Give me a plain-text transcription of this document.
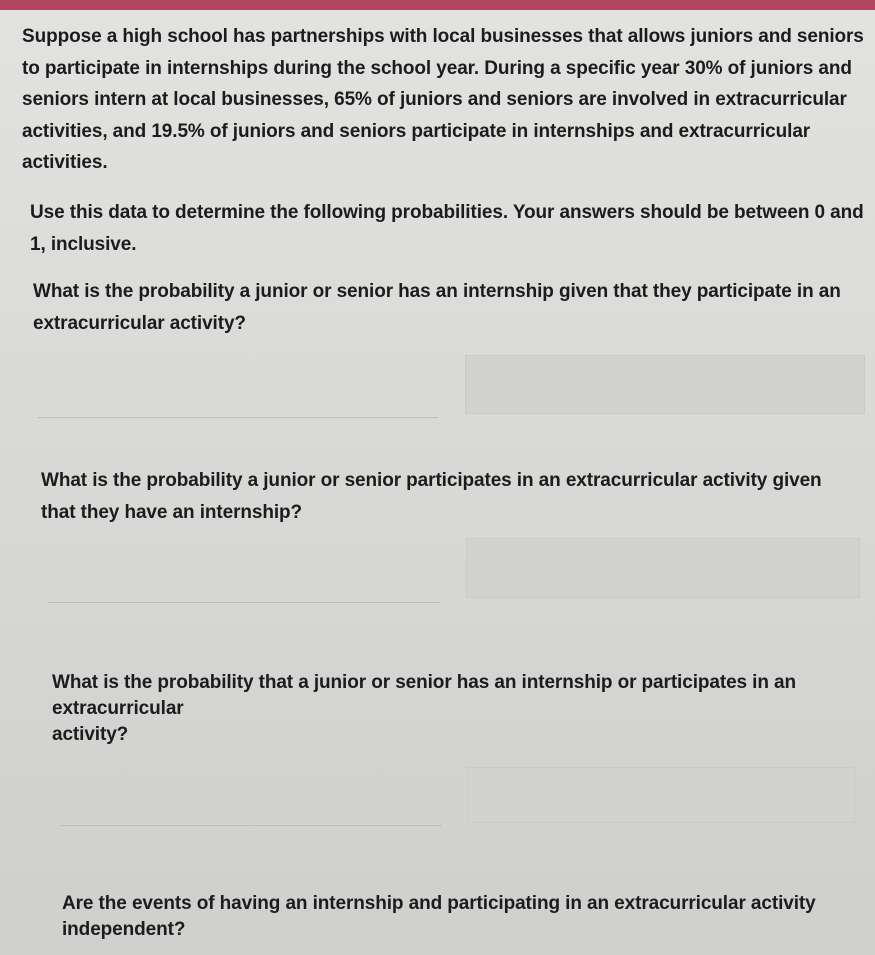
Suppose a high school has partnerships with local businesses that allows juniors and seniors to participate in internships during the school year. During a specific year 30% of juniors and seniors intern at local businesses, 65% of juniors and seniors are involved in extracurricular activities, and 19.5% of juniors and seniors participate in internships and extracurricular activities.

Use this data to determine the following probabilities. Your answers should be between 0 and 1, inclusive.

What is the probability a junior or senior has an internship given that they participate in an extracurricular activity?

What is the probability a junior or senior participates in an extracurricular activity given that they have an internship?

What is the probability that a junior or senior has an internship or participates in an
extracurricular
activity?
Are the events of having an internship and participating in an extracurricular activity
independent?
